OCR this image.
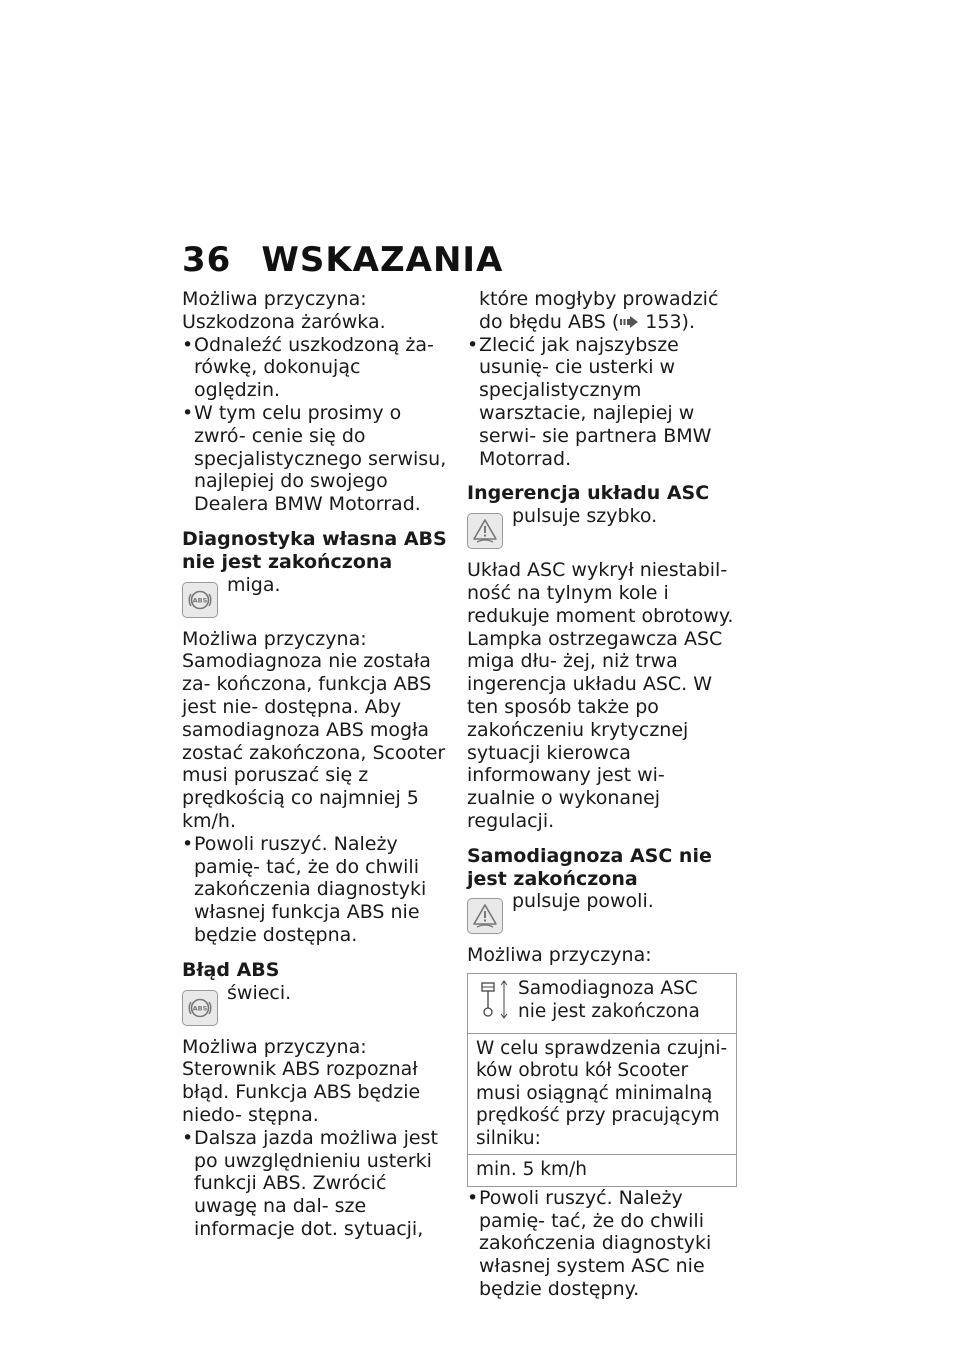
36 WSKAZANIA

Możliwa przyczyna:

Uszkodzona żarówka.

• Odnaleźć uszkodzoną ża- rówkę, dokonując oględzin.
• W tym celu prosimy o zwró- cenie się do specjalistycznego serwisu, najlepiej do swojego Dealera BMW Motorrad.

Diagnostyka własna ABS nie jest zakończona

ABS
miga.

Możliwa przyczyna:

Samodiagnoza nie została za- kończona, funkcja ABS jest nie- dostępna. Aby samodiagnoza ABS mogła zostać zakończona, Scooter musi poruszać się z prędkością co najmniej 5 km/h.

• Powoli ruszyć. Należy pamię- tać, że do chwili zakończenia diagnostyki własnej funkcja ABS nie będzie dostępna.

Błąd ABS

ABS
świeci.

Możliwa przyczyna:

Sterownik ABS rozpoznał błąd. Funkcja ABS będzie niedo- stępna.

• Dalsza jazda możliwa jest po uwzględnieniu usterki funkcji ABS. Zwrócić uwagę na dal- sze informacje dot. sytuacji,

które mogłyby prowadzić do błędu ABS ( 153).

• Zlecić jak najszybsze usunię- cie usterki w specjalistycznym warsztacie, najlepiej w serwi- sie partnera BMW Motorrad.

Ingerencja układu ASC

pulsuje szybko.

Układ ASC wykrył niestabil- ność na tylnym kole i redukuje moment obrotowy. Lampka ostrzegawcza ASC miga dłu- żej, niż trwa ingerencja układu ASC. W ten sposób także po zakończeniu krytycznej sytuacji kierowca informowany jest wi- zualnie o wykonanej regulacji.

Samodiagnoza ASC nie jest zakończona

pulsuje powoli.

Możliwa przyczyna:

Samodiagnoza ASC nie jest zakończona

W celu sprawdzenia czujni- ków obrotu kół Scooter musi osiągnąć minimalną prędkość przy pracującym silniku:
min. 5 km/h
• Powoli ruszyć. Należy pamię- tać, że do chwili zakończenia diagnostyki własnej system ASC nie będzie dostępny.
